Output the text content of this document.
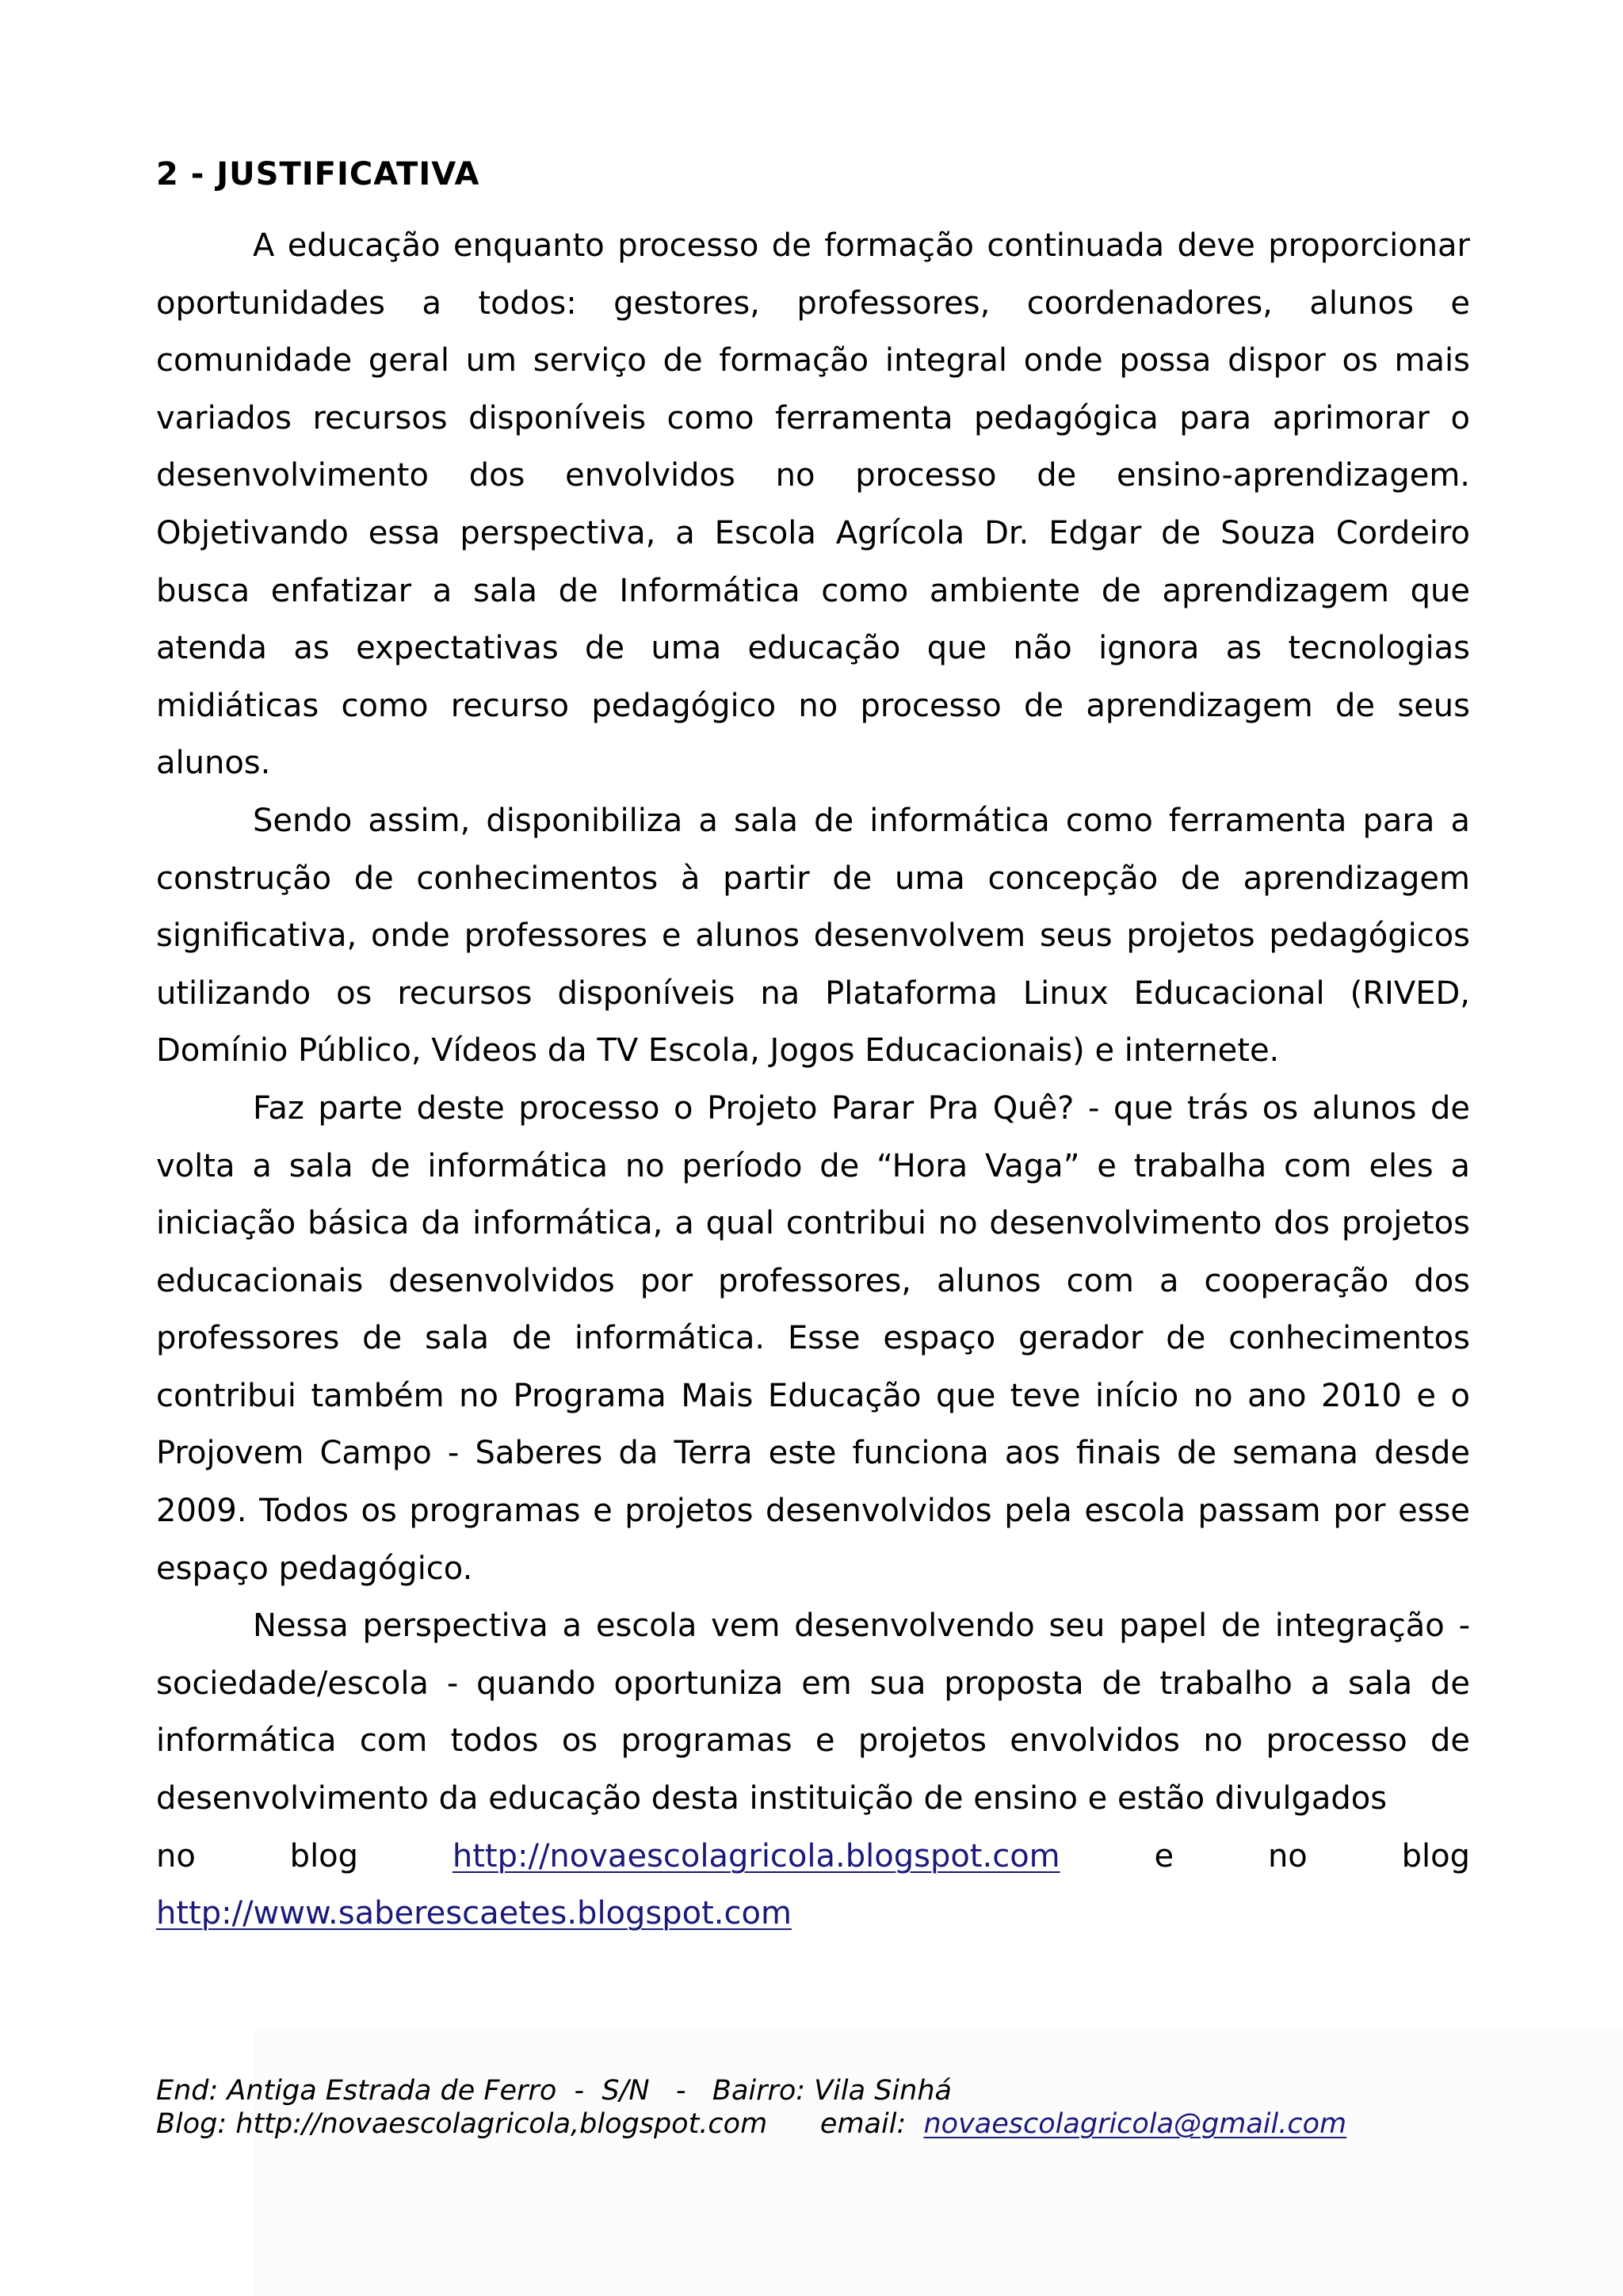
2 - JUSTIFICATIVA

A educação enquanto processo de formação continuada deve proporcionar oportunidades a todos: gestores, professores, coordenadores, alunos e comunidade geral um serviço de formação integral onde possa dispor os mais variados recursos disponíveis como ferramenta pedagógica para aprimorar o desenvolvimento dos envolvidos no processo de ensino-aprendizagem. Objetivando essa perspectiva, a Escola Agrícola Dr. Edgar de Souza Cordeiro busca enfatizar a sala de Informática como ambiente de aprendizagem que atenda as expectativas de uma educação que não ignora as tecnologias midiáticas como recurso pedagógico no processo de aprendizagem de seus alunos.

Sendo assim, disponibiliza a sala de informática como ferramenta para a construção de conhecimentos à partir de uma concepção de aprendizagem significativa, onde professores e alunos desenvolvem seus projetos pedagógicos utilizando os recursos disponíveis na Plataforma Linux Educacional (RIVED, Domínio Público, Vídeos da TV Escola, Jogos Educacionais) e internete.

Faz parte deste processo o Projeto Parar Pra Quê? - que trás os alunos de volta a sala de informática no período de “Hora Vaga” e trabalha com eles a iniciação básica da informática, a qual contribui no desenvolvimento dos projetos educacionais desenvolvidos por professores, alunos com a cooperação dos professores de sala de informática. Esse espaço gerador de conhecimentos contribui também no Programa Mais Educação que teve início no ano 2010 e o Projovem Campo - Saberes da Terra este funciona aos finais de semana desde 2009. Todos os programas e projetos desenvolvidos pela escola passam por esse espaço pedagógico.

Nessa perspectiva a escola vem desenvolvendo seu papel de integração - sociedade/escola - quando oportuniza em sua proposta de trabalho a sala de informática com todos os programas e projetos envolvidos no processo de desenvolvimento da educação desta instituição de ensino e estão divulgados

no	blog	http://novaescolagricola.blogspot.com	e	no	blog

http://www.saberescaetes.blogspot.com

End: Antiga Estrada de Ferro  -  S/N   -   Bairro: Vila Sinhá
Blog: http://novaescolagricola,blogspot.com      email:  novaescolagricola@gmail.com
